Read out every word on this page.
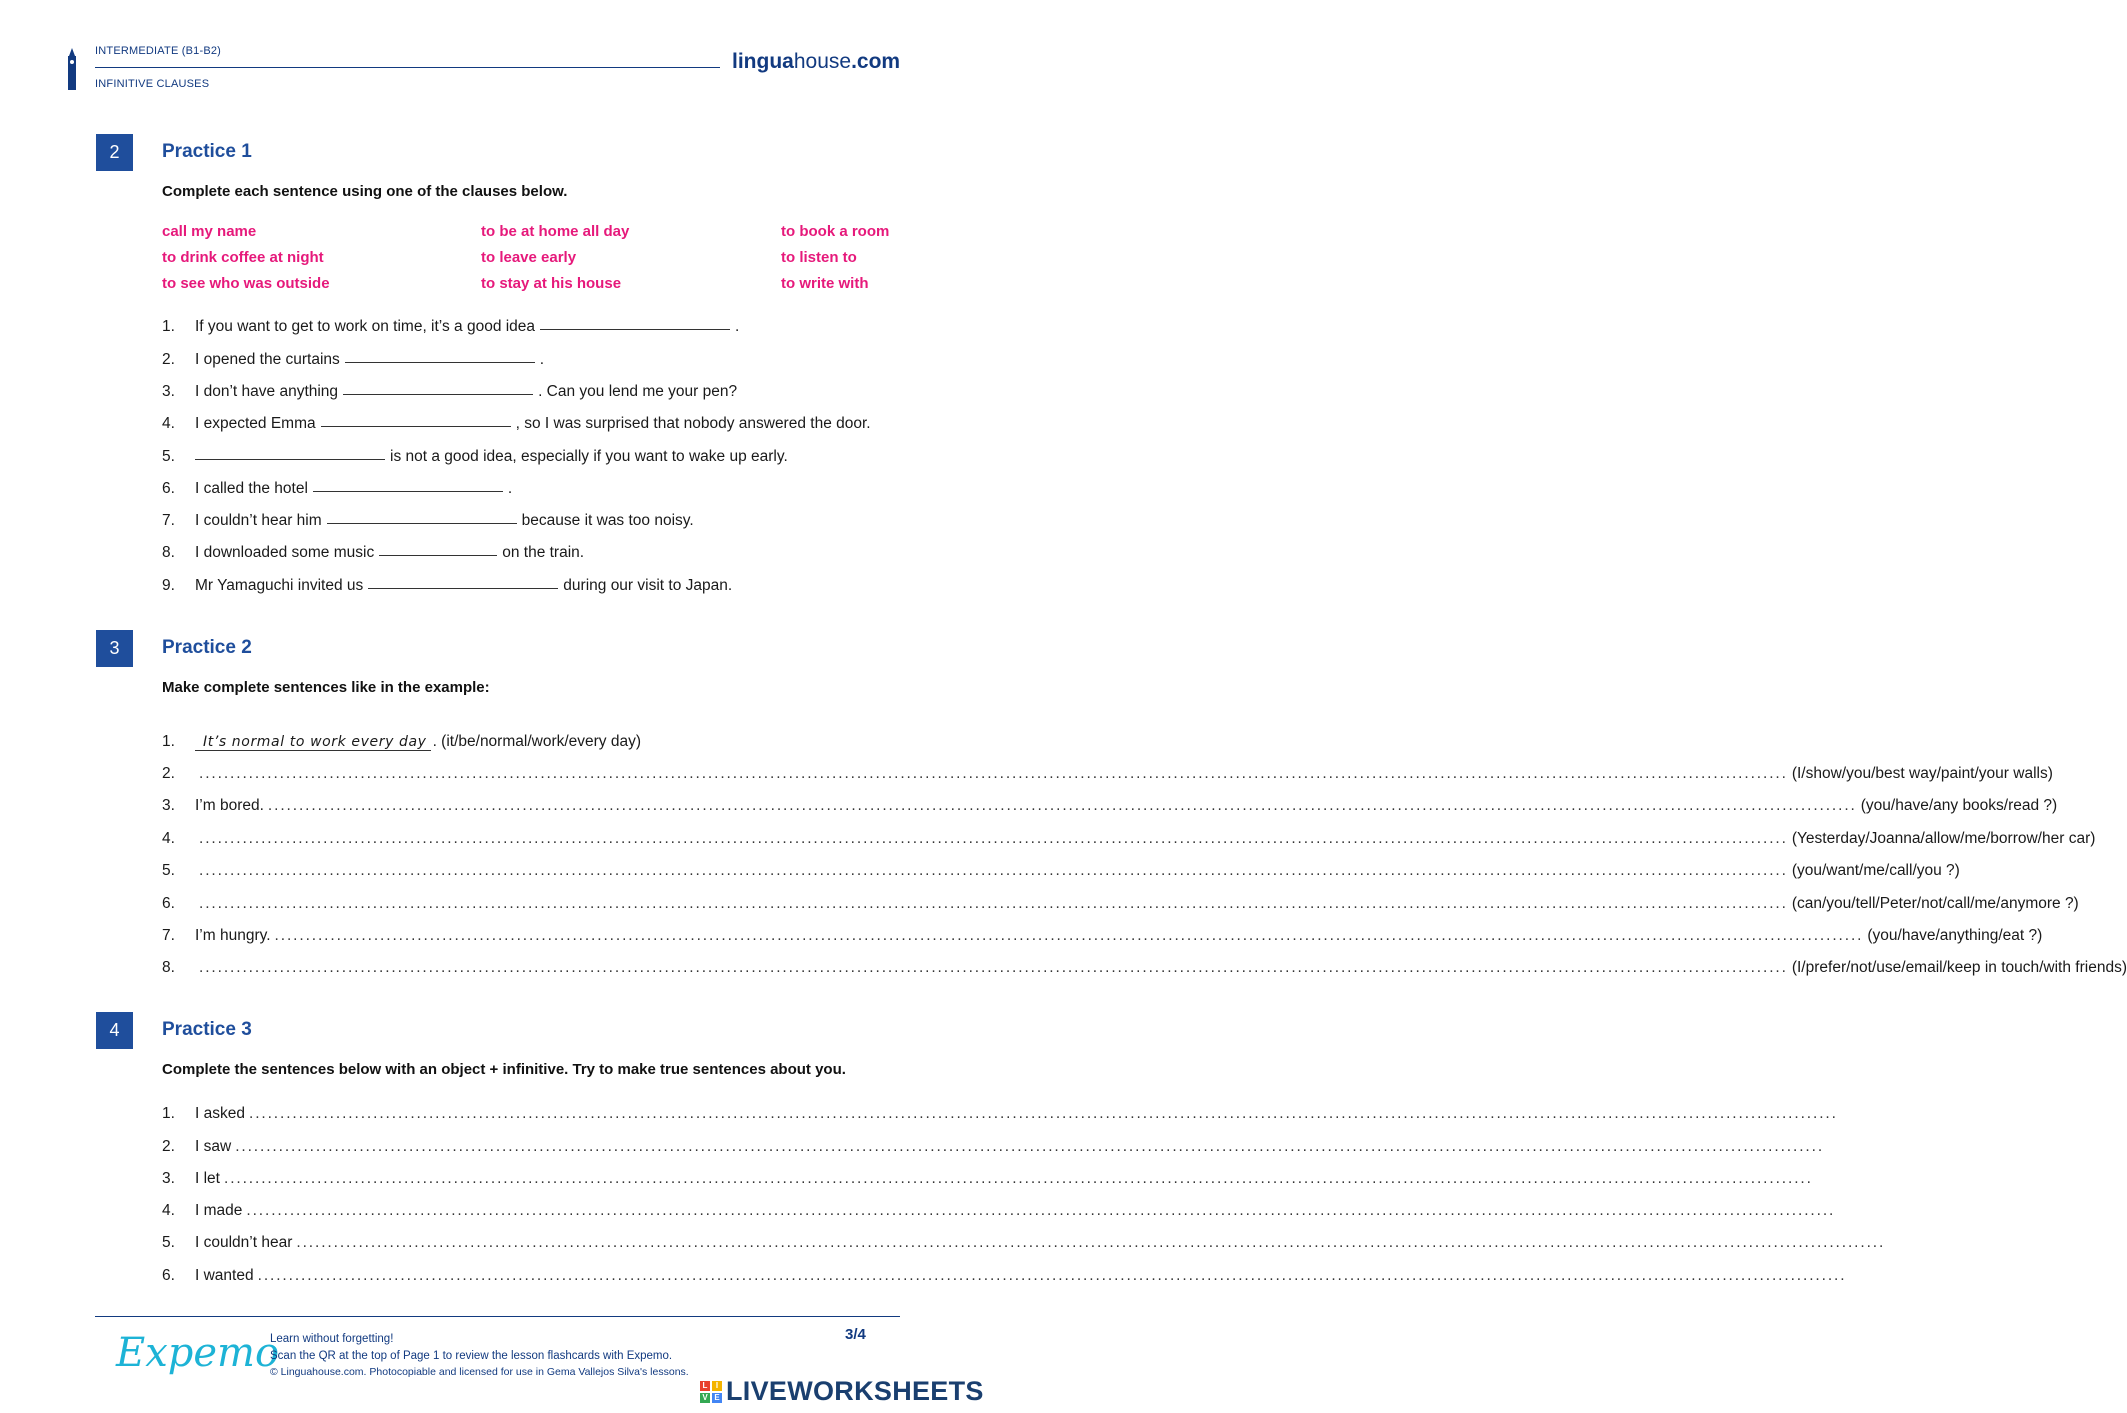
INTERMEDIATE (B1-B2)
INFINITIVE CLAUSES
linguahouse.com
2	Practice 1
Complete each sentence using one of the clauses below.
call my name	to be at home all day	to book a room
to drink coffee at night	to leave early	to listen to
to see who was outside	to stay at his house	to write with
1.	If you want to get to work on time, it’s a good idea	.
2.	I opened the curtains	.
3.	I don’t have anything	. Can you lend me your pen?
4.	I expected Emma	, so I was surprised that nobody answered the door.
5.	is not a good idea, especially if you want to wake up early.
6.	I called the hotel	.
7.	I couldn’t hear him	because it was too noisy.
8.	I downloaded some music	on the train.
9.	Mr Yamaguchi invited us	during our visit to Japan.
3	Practice 2
Make complete sentences like in the example:
1.	It’s normal to work every day . (it/be/normal/work/every day)
2. .....	(I/show/you/best way/paint/your walls)
3.	I’m bored. .....	(you/have/any books/read ?)
4. .....	(Yesterday/Joanna/allow/me/borrow/her car)
5. .....	(you/want/me/call/you ?)
6. .....	(can/you/tell/Peter/not/call/me/anymore ?)
7.	I’m hungry. .....	(you/have/anything/eat ?)
8. .....	(I/prefer/not/use/email/keep in touch/with friends)
4	Practice 3
Complete the sentences below with an object + infinitive. Try to make true sentences about you.
1.	I asked
.....
2.	I saw
.....
3.	I let
.....
4.	I made
.....
5.	I couldn’t hear
.....
6.	I wanted
.....
Expemo
Learn without forgetting!
Scan the QR at the top of Page 1 to review the lesson flashcards with Expemo.
© Linguahouse.com. Photocopiable and licensed for use in Gema Vallejos Silva's lessons.
3/4
L	I
V E LIVEWORKSHEETS
